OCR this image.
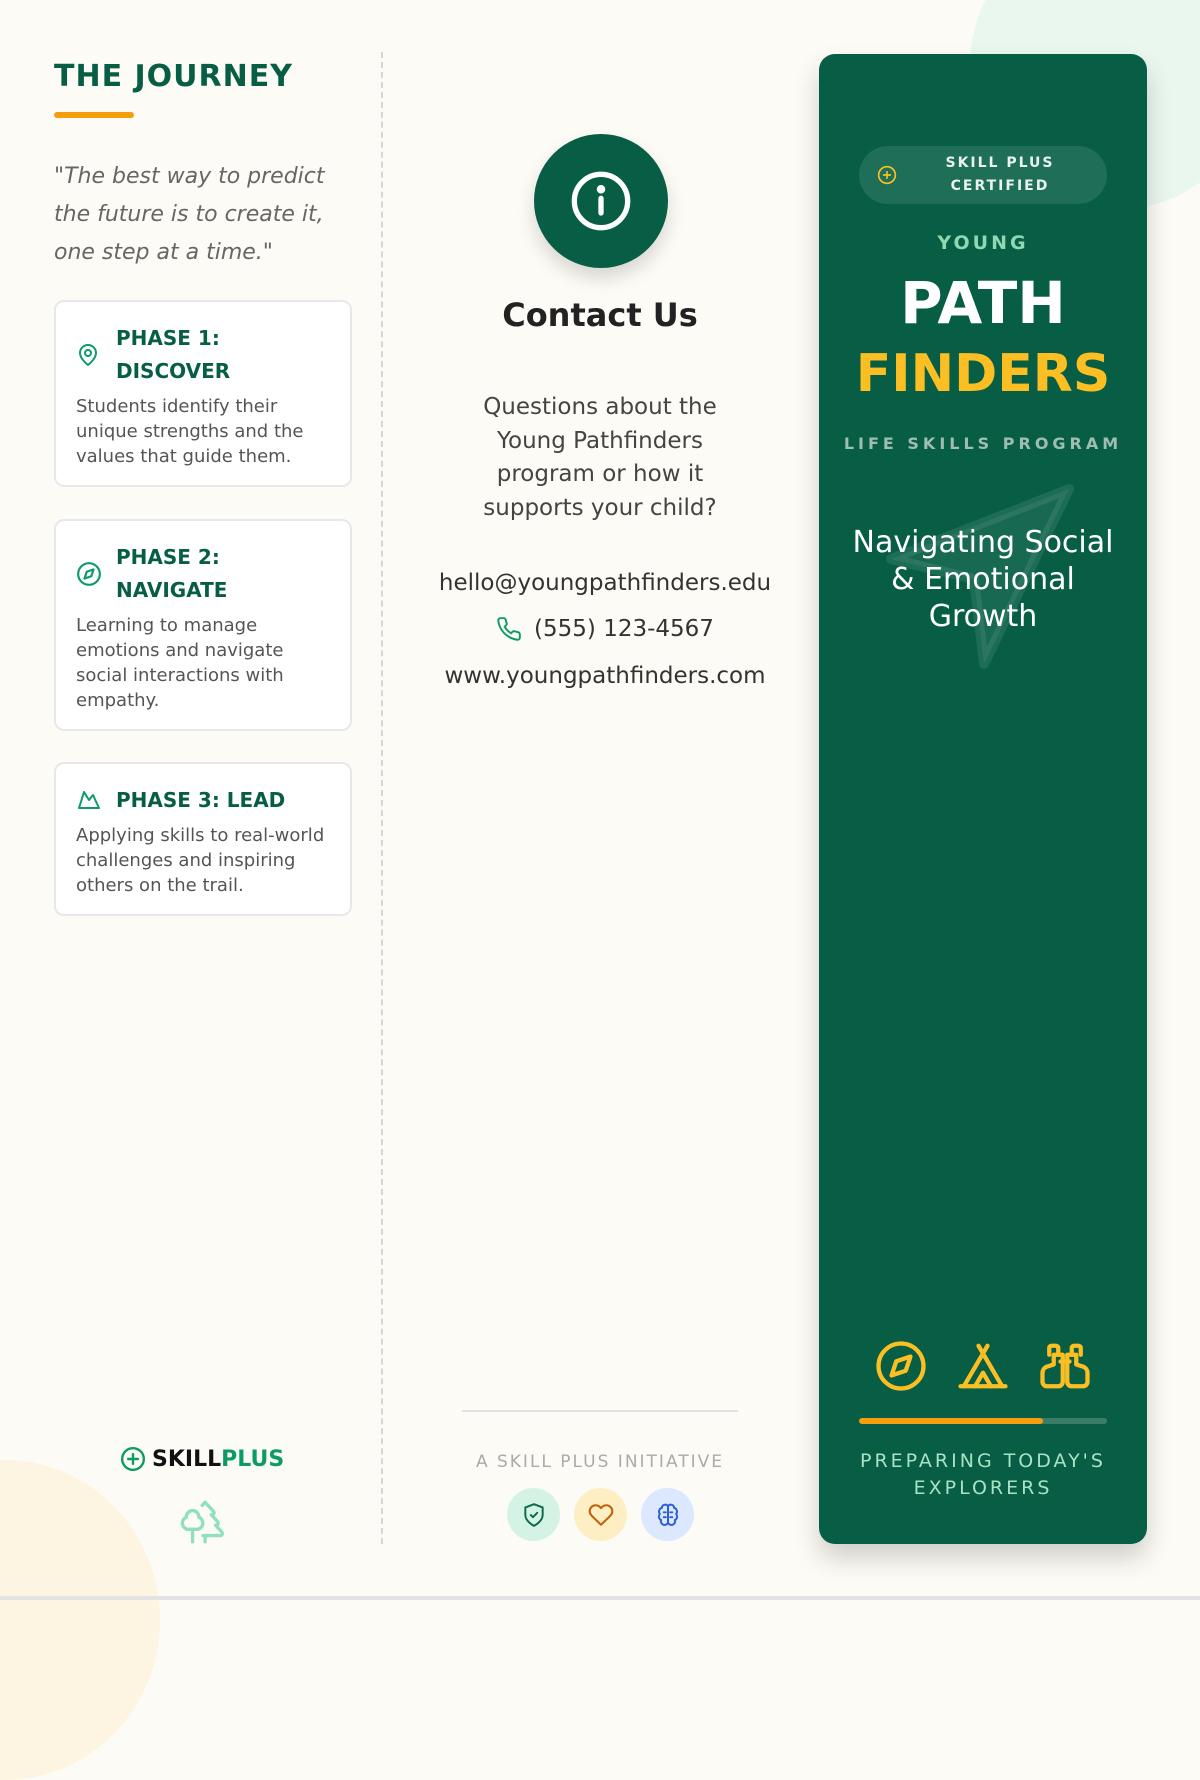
THE JOURNEY
"The best way to predict the future is to create it, one step at a time."
PHASE 1: DISCOVER
Students identify their unique strengths and the values that guide them.
PHASE 2: NAVIGATE
Learning to manage emotions and navigate social interactions with empathy.
PHASE 3: LEAD
Applying skills to real-world challenges and inspiring others on the trail.
SKILLPLUS
Contact Us
Questions about the Young Pathfinders program or how it supports your child?
hello@youngpathfinders.edu
(555) 123-4567
www.youngpathfinders.com
A SKILL PLUS INITIATIVE
SKILL PLUS CERTIFIED
YOUNG
PATH
FINDERS
LIFE SKILLS PROGRAM
Navigating Social & Emotional Growth
PREPARING TODAY'S EXPLORERS
